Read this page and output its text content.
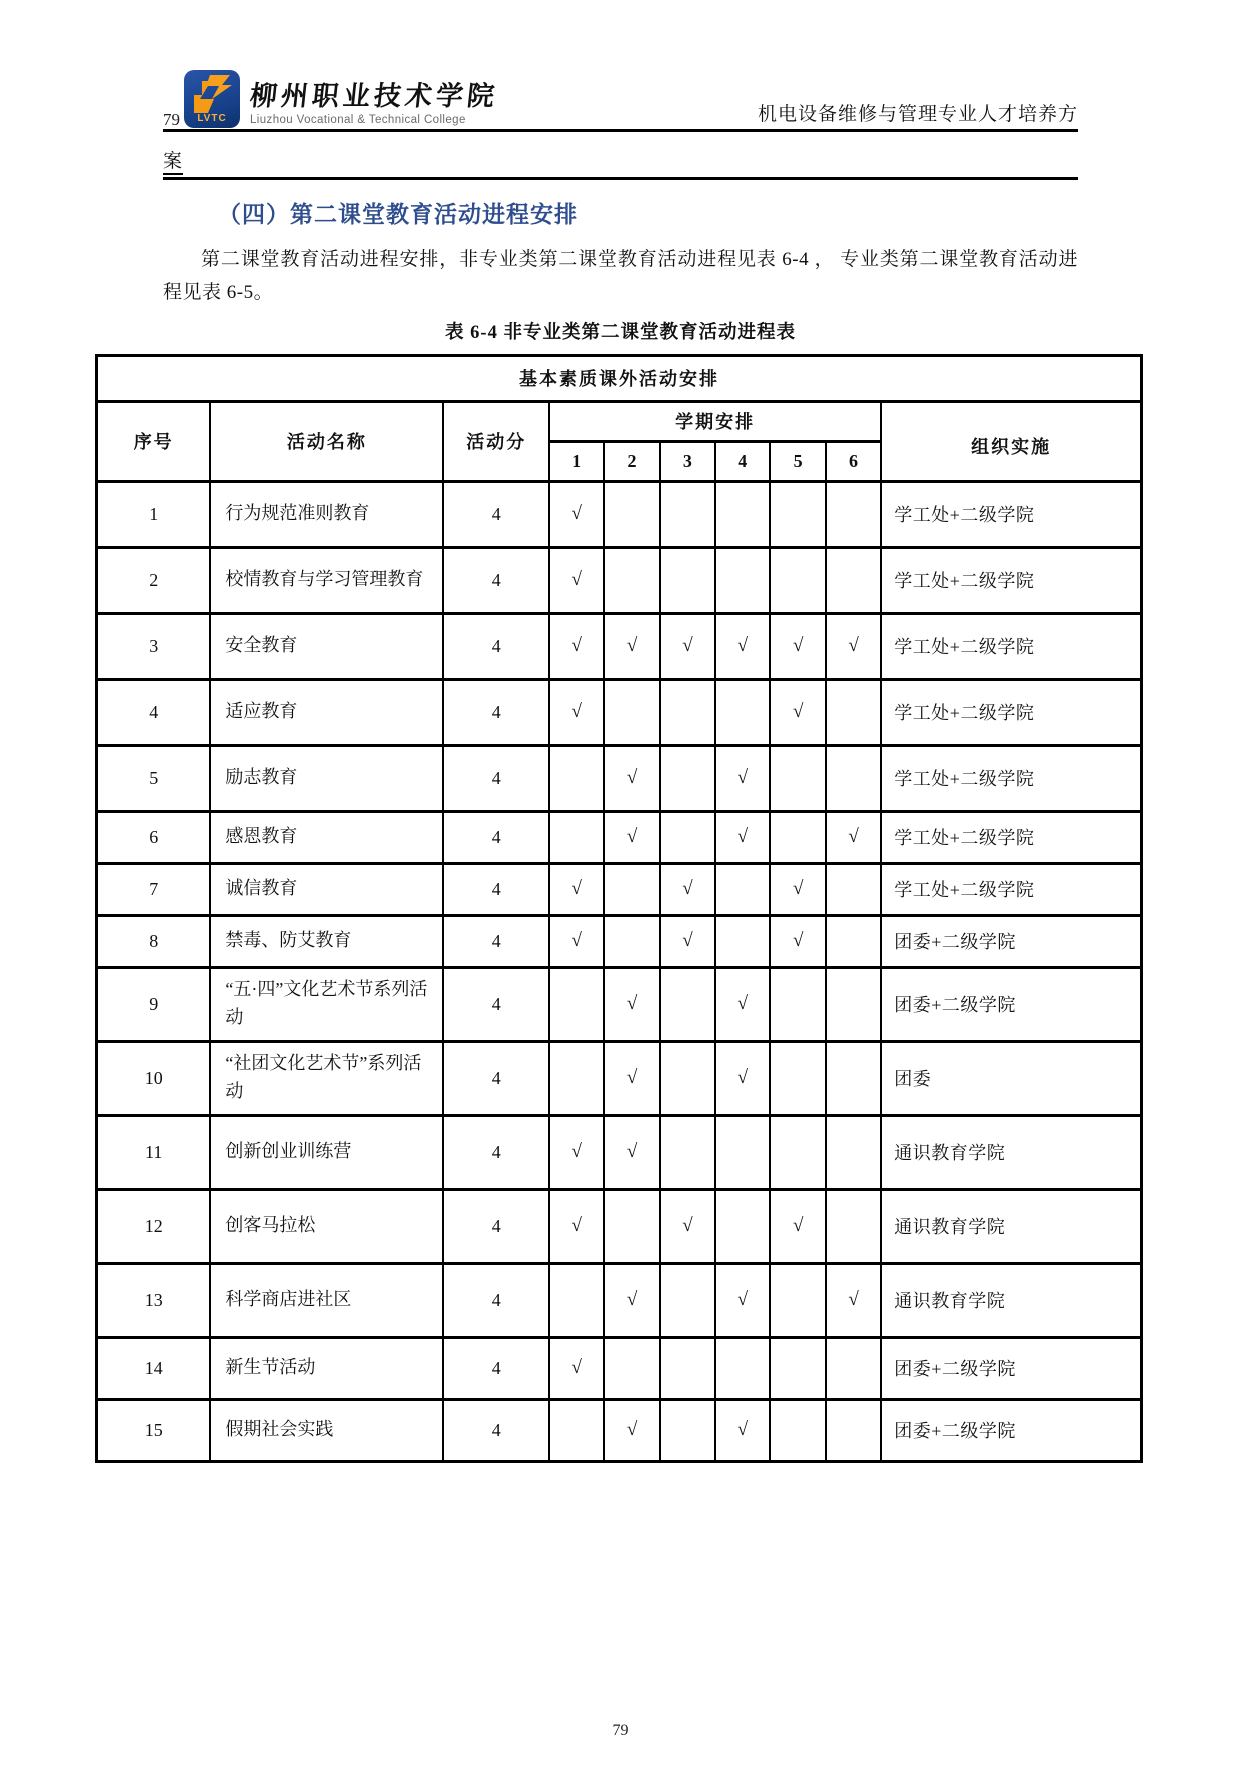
79 LVTC
柳州职业技术学院
Liuzhou Vocational & Technical College	机电设备维修与管理专业人才培养方
案
（四）第二课堂教育活动进程安排

第二课堂教育活动进程安排，非专业类第二课堂教育活动进程见表 6-4 ， 专业类第二课堂教育活动进程见表 6-5。

表 6-4 非专业类第二课堂教育活动进程表
基本素质课外活动安排									
序号	活动名称	活动分	学期安排						组织实施
			1	2	3	4	5	6	
1	行为规范准则教育	4	√						学工处+二级学院
2	校情教育与学习管理教育	4	√						学工处+二级学院
3	安全教育	4	√	√	√	√	√	√	学工处+二级学院
4	适应教育	4	√				√		学工处+二级学院
5	励志教育	4		√		√			学工处+二级学院
6	感恩教育	4		√		√		√	学工处+二级学院
7	诚信教育	4	√		√		√		学工处+二级学院
8	禁毒、防艾教育	4	√		√		√		团委+二级学院
9	“五·四”文化艺术节系列活动	4		√		√			团委+二级学院
10	“社团文化艺术节”系列活动	4		√		√			团委
11	创新创业训练营	4	√	√					通识教育学院
12	创客马拉松	4	√		√		√		通识教育学院
13	科学商店进社区	4		√		√		√	通识教育学院
14	新生节活动	4	√						团委+二级学院
15	假期社会实践	4		√		√			团委+二级学院
79
